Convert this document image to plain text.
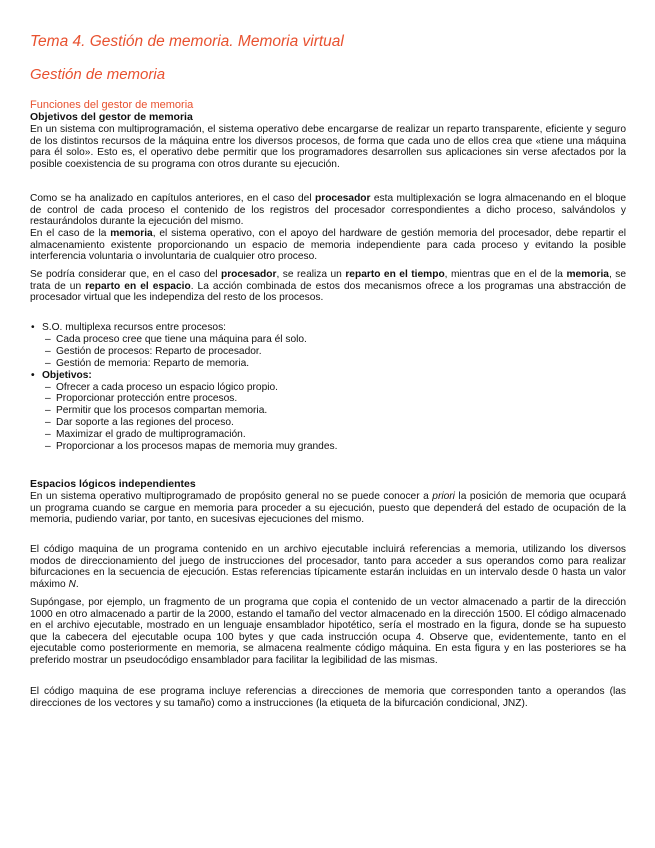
Tema 4. Gestión de memoria. Memoria virtual
Gestión de memoria
Funciones del gestor de memoria

Objetivos del gestor de memoria

En un sistema con multiprogramación, el sistema operativo debe encargarse de realizar un reparto transparente, eficiente y seguro de los distintos recursos de la máquina entre los diversos procesos, de forma que cada uno de ellos crea que «tiene una máquina para él solo». Esto es, el operativo debe permitir que los programadores desarrollen sus aplicaciones sin verse afectados por la posible coexistencia de su programa con otros durante su ejecución.

Como se ha analizado en capítulos anteriores, en el caso del procesador esta multiplexación se logra almacenando en el bloque de control de cada proceso el contenido de los registros del procesador correspondientes a dicho proceso, salvándolos y restaurándolos durante la ejecución del mismo.

En el caso de la memoria, el sistema operativo, con el apoyo del hardware de gestión memoria del procesador, debe repartir el almacenamiento existente proporcionando un espacio de memoria independiente para cada proceso y evitando la posible interferencia voluntaria o involuntaria de cualquier otro proceso.

Se podría considerar que, en el caso del procesador, se realiza un reparto en el tiempo, mientras que en el de la memoria, se trata de un reparto en el espacio. La acción combinada de estos dos mecanismos ofrece a los programas una abstracción de procesador virtual que les independiza del resto de los procesos.

• S.O. multiplexa recursos entre procesos:
– Cada proceso cree que tiene una máquina para él solo.
– Gestión de procesos: Reparto de procesador.
– Gestión de memoria: Reparto de memoria.
• Objetivos:
– Ofrecer a cada proceso un espacio lógico propio.
– Proporcionar protección entre procesos.
– Permitir que los procesos compartan memoria.
– Dar soporte a las regiones del proceso.
– Maximizar el grado de multiprogramación.
– Proporcionar a los procesos mapas de memoria muy grandes.

Espacios lógicos independientes

En un sistema operativo multiprogramado de propósito general no se puede conocer a priori la posición de memoria que ocupará un programa cuando se cargue en memoria para proceder a su ejecución, puesto que dependerá del estado de ocupación de la memoria, pudiendo variar, por tanto, en sucesivas ejecuciones del mismo.

El código maquina de un programa contenido en un archivo ejecutable incluirá referencias a memoria, utilizando los diversos modos de direccionamiento del juego de instrucciones del procesador, tanto para acceder a sus operandos como para realizar bifurcaciones en la secuencia de ejecución. Estas referencias típicamente estarán incluidas en un intervalo desde 0 hasta un valor máximo N.

Supóngase, por ejemplo, un fragmento de un programa que copia el contenido de un vector almacenado a partir de la dirección 1000 en otro almacenado a partir de la 2000, estando el tamaño del vector almacenado en la dirección 1500. El código almacenado en el archivo ejecutable, mostrado en un lenguaje ensamblador hipotético, sería el mostrado en la figura, donde se ha supuesto que la cabecera del ejecutable ocupa 100 bytes y que cada instrucción ocupa 4. Observe que, evidentemente, tanto en el ejecutable como posteriormente en memoria, se almacena realmente código máquina. En esta figura y en las posteriores se ha preferido mostrar un pseudocódigo ensamblador para facilitar la legibilidad de las mismas.

El código maquina de ese programa incluye referencias a direcciones de memoria que corresponden tanto a operandos (las direcciones de los vectores y su tamaño) como a instrucciones (la etiqueta de la bifurcación condicional, JNZ).
